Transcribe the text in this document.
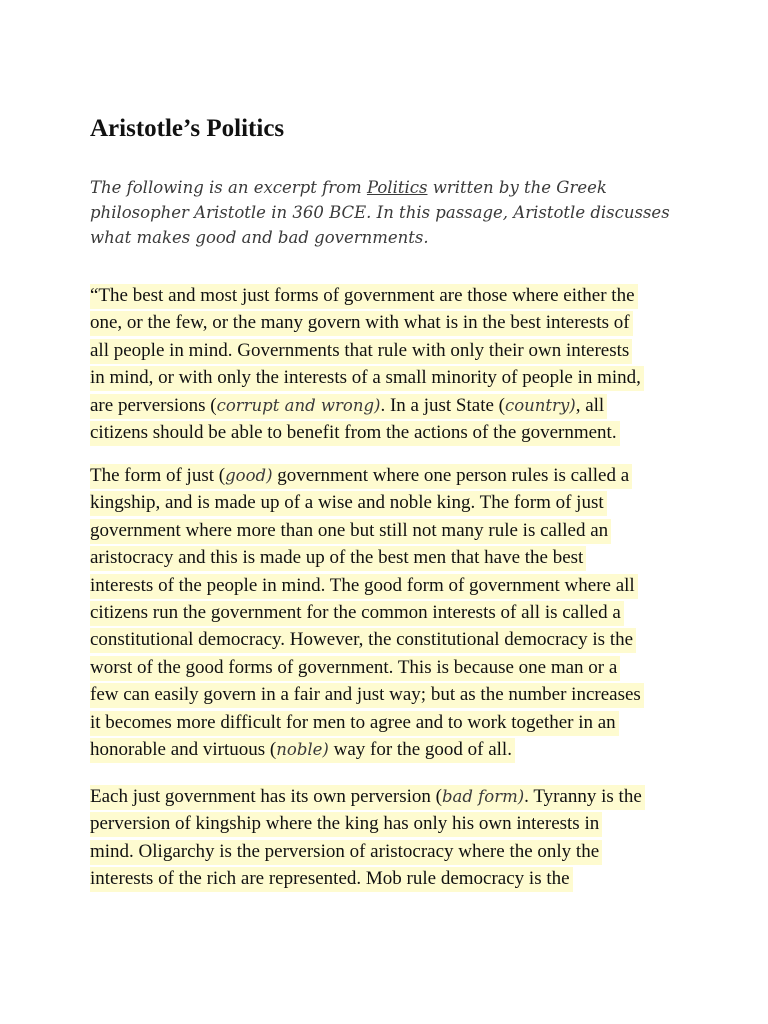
Aristotle’s Politics
The following is an excerpt from Politics written by the Greek
philosopher Aristotle in 360 BCE. In this passage, Aristotle discusses
what makes good and bad governments.
“The best and most just forms of government are those where either the
one, or the few, or the many govern with what is in the best interests of
all people in mind. Governments that rule with only their own interests
in mind, or with only the interests of a small minority of people in mind,
are perversions (corrupt and wrong). In a just State (country), all
citizens should be able to benefit from the actions of the government.
The form of just (good) government where one person rules is called a
kingship, and is made up of a wise and noble king. The form of just
government where more than one but still not many rule is called an
aristocracy and this is made up of the best men that have the best
interests of the people in mind. The good form of government where all
citizens run the government for the common interests of all is called a
constitutional democracy. However, the constitutional democracy is the
worst of the good forms of government. This is because one man or a
few can easily govern in a fair and just way; but as the number increases
it becomes more difficult for men to agree and to work together in an
honorable and virtuous (noble) way for the good of all.
Each just government has its own perversion (bad form). Tyranny is the
perversion of kingship where the king has only his own interests in
mind. Oligarchy is the perversion of aristocracy where the only the
interests of the rich are represented. Mob rule democracy is the
